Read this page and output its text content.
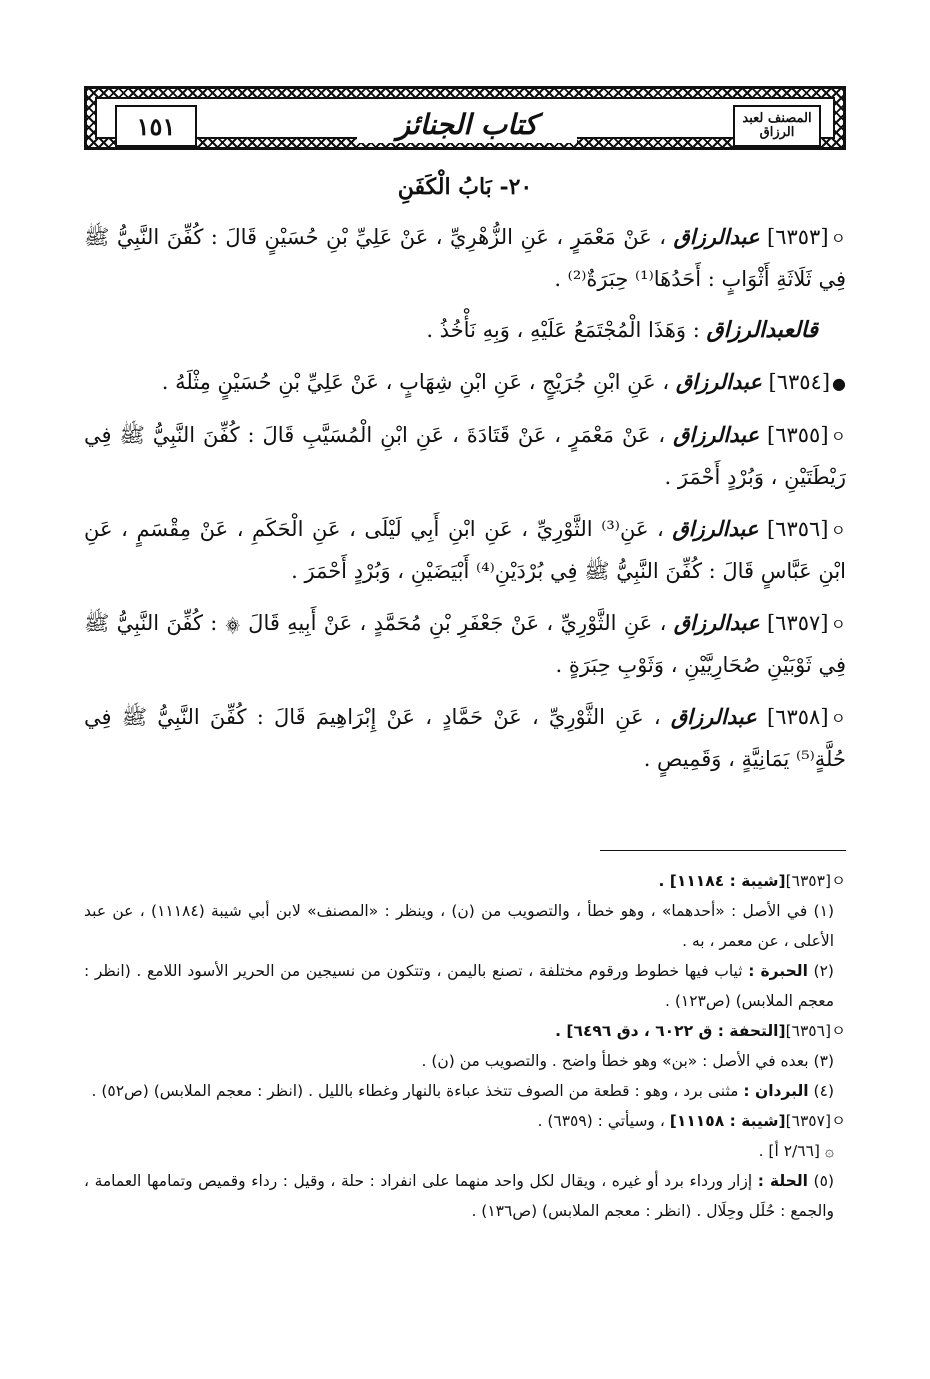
١٥١	كتاب الجنائز	المصنف لعبد الرزاق
٢٠- بَابُ الْكَفَنِ

ㅇ[٦٣٥٣] عبدالرزاق ، عَنْ مَعْمَرٍ ، عَنِ الزُّهْرِيِّ ، عَنْ عَلِيِّ بْنِ حُسَيْنٍ قَالَ : كُفِّنَ النَّبِيُّ ﷺ فِي ثَلَاثَةِ أَثْوَابٍ : أَحَدُهَا⁽¹⁾ حِبَرَةٌ⁽²⁾ .

قالعبدالرزاق : وَهَذَا الْمُجْتَمَعُ عَلَيْهِ ، وَبِهِ نَأْخُذُ .

●[٦٣٥٤] عبدالرزاق ، عَنِ ابْنِ جُرَيْجٍ ، عَنِ ابْنِ شِهَابٍ ، عَنْ عَلِيِّ بْنِ حُسَيْنٍ مِثْلَهُ .

ㅇ[٦٣٥٥] عبدالرزاق ، عَنْ مَعْمَرٍ ، عَنْ قَتَادَةَ ، عَنِ ابْنِ الْمُسَيَّبِ قَالَ : كُفِّنَ النَّبِيُّ ﷺ فِي رَيْطَتَيْنِ ، وَبُرْدٍ أَحْمَرَ .

ㅇ[٦٣٥٦] عبدالرزاق ، عَنِ⁽³⁾ الثَّوْرِيِّ ، عَنِ ابْنِ أَبِي لَيْلَى ، عَنِ الْحَكَمِ ، عَنْ مِقْسَمٍ ، عَنِ ابْنِ عَبَّاسٍ قَالَ : كُفِّنَ النَّبِيُّ ﷺ فِي بُرْدَيْنِ⁽⁴⁾ أَبْيَضَيْنِ ، وَبُرْدٍ أَحْمَرَ .

ㅇ[٦٣٥٧] عبدالرزاق ، عَنِ الثَّوْرِيِّ ، عَنْ جَعْفَرِ بْنِ مُحَمَّدٍ ، عَنْ أَبِيهِ قَالَ ۞ : كُفِّنَ النَّبِيُّ ﷺ فِي ثَوْبَيْنِ صُحَارِيَّيْنِ ، وَثَوْبِ حِبَرَةٍ .

ㅇ[٦٣٥٨] عبدالرزاق ، عَنِ الثَّوْرِيِّ ، عَنْ حَمَّادٍ ، عَنْ إِبْرَاهِيمَ قَالَ : كُفِّنَ النَّبِيُّ ﷺ فِي حُلَّةٍ⁽⁵⁾ يَمَانِيَّةٍ ، وَقَمِيصٍ .

ㅇ[٦٣٥٣][شيبة : ١١١٨٤] .

(١) في الأصل : «أحدهما» ، وهو خطأ ، والتصويب من (ن) ، وينظر : «المصنف» لابن أبي شيبة (١١١٨٤) ، عن عبد الأعلى ، عن معمر ، به .

(٢) الحبرة : ثياب فيها خطوط ورقوم مختلفة ، تصنع باليمن ، وتتكون من نسيجين من الحرير الأسود اللامع . (انظر : معجم الملابس) (ص١٢٣) .

ㅇ[٦٣٥٦][التحفة : ق ٦٠٢٢ ، دق ٦٤٩٦] .

(٣) بعده في الأصل : «بن» وهو خطأ واضح . والتصويب من (ن) .

(٤) البردان : مثنى برد ، وهو : قطعة من الصوف تتخذ عباءة بالنهار وغطاء بالليل . (انظر : معجم الملابس) (ص٥٢) .

ㅇ[٦٣٥٧][شيبة : ١١١٥٨] ، وسيأتي : (٦٣٥٩) .

۞ [٢/٦٦ أ] .

(٥) الحلة : إزار ورداء برد أو غيره ، ويقال لكل واحد منهما على انفراد : حلة ، وقيل : رداء وقميص وتمامها العمامة ، والجمع : حُلَل وحِلَال . (انظر : معجم الملابس) (ص١٣٦) .
